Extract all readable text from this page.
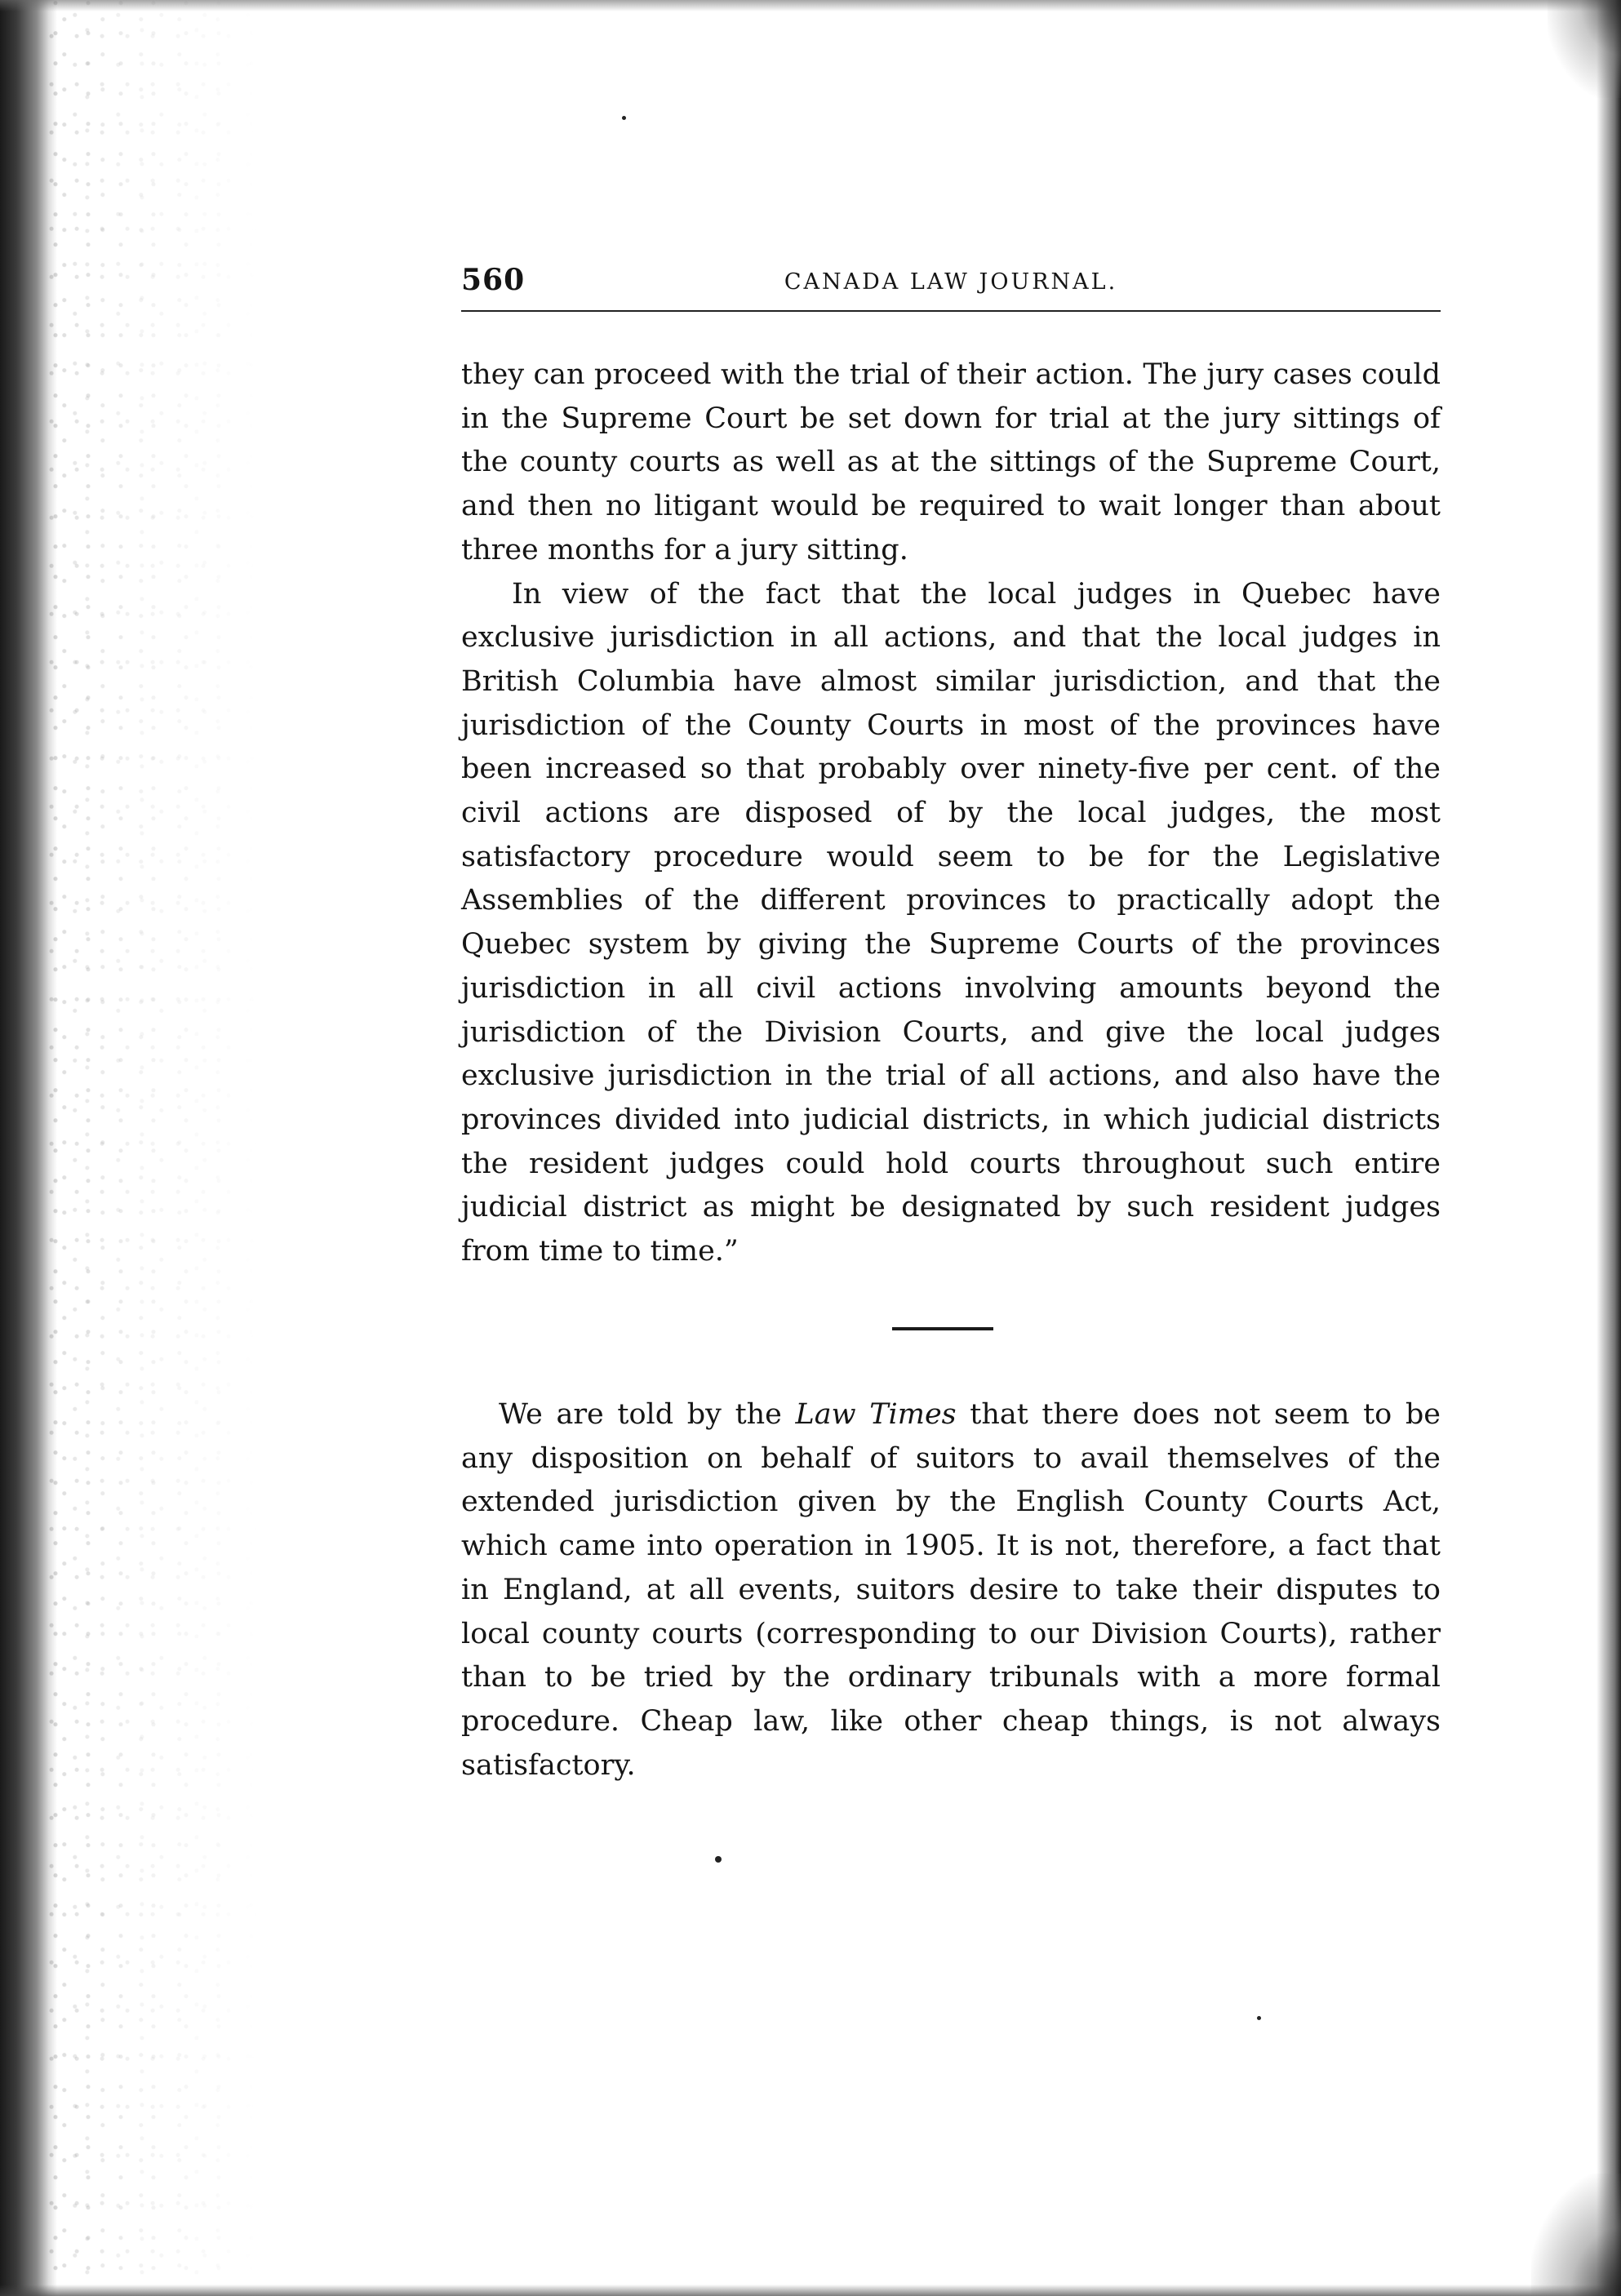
560	CANADA LAW JOURNAL.

they can proceed with the trial of their action. The jury cases could in the Supreme Court be set down for trial at the jury sittings of the county courts as well as at the sittings of the Supreme Court, and then no litigant would be required to wait longer than about three months for a jury sitting.

In view of the fact that the local judges in Quebec have exclusive jurisdiction in all actions, and that the local judges in British Columbia have almost similar jurisdiction, and that the jurisdiction of the County Courts in most of the provinces have been increased so that probably over ninety-five per cent. of the civil actions are disposed of by the local judges, the most satisfactory procedure would seem to be for the Legislative Assemblies of the different provinces to practically adopt the Quebec system by giving the Supreme Courts of the provinces jurisdiction in all civil actions involving amounts beyond the jurisdiction of the Division Courts, and give the local judges exclusive jurisdiction in the trial of all actions, and also have the provinces divided into judicial districts, in which judicial districts the resident judges could hold courts throughout such entire judicial district as might be designated by such resident judges from time to time.”

We are told by the Law Times that there does not seem to be any disposition on behalf of suitors to avail themselves of the extended jurisdiction given by the English County Courts Act, which came into operation in 1905. It is not, therefore, a fact that in England, at all events, suitors desire to take their disputes to local county courts (corresponding to our Division Courts), rather than to be tried by the ordinary tribunals with a more formal procedure. Cheap law, like other cheap things, is not always satisfactory.
